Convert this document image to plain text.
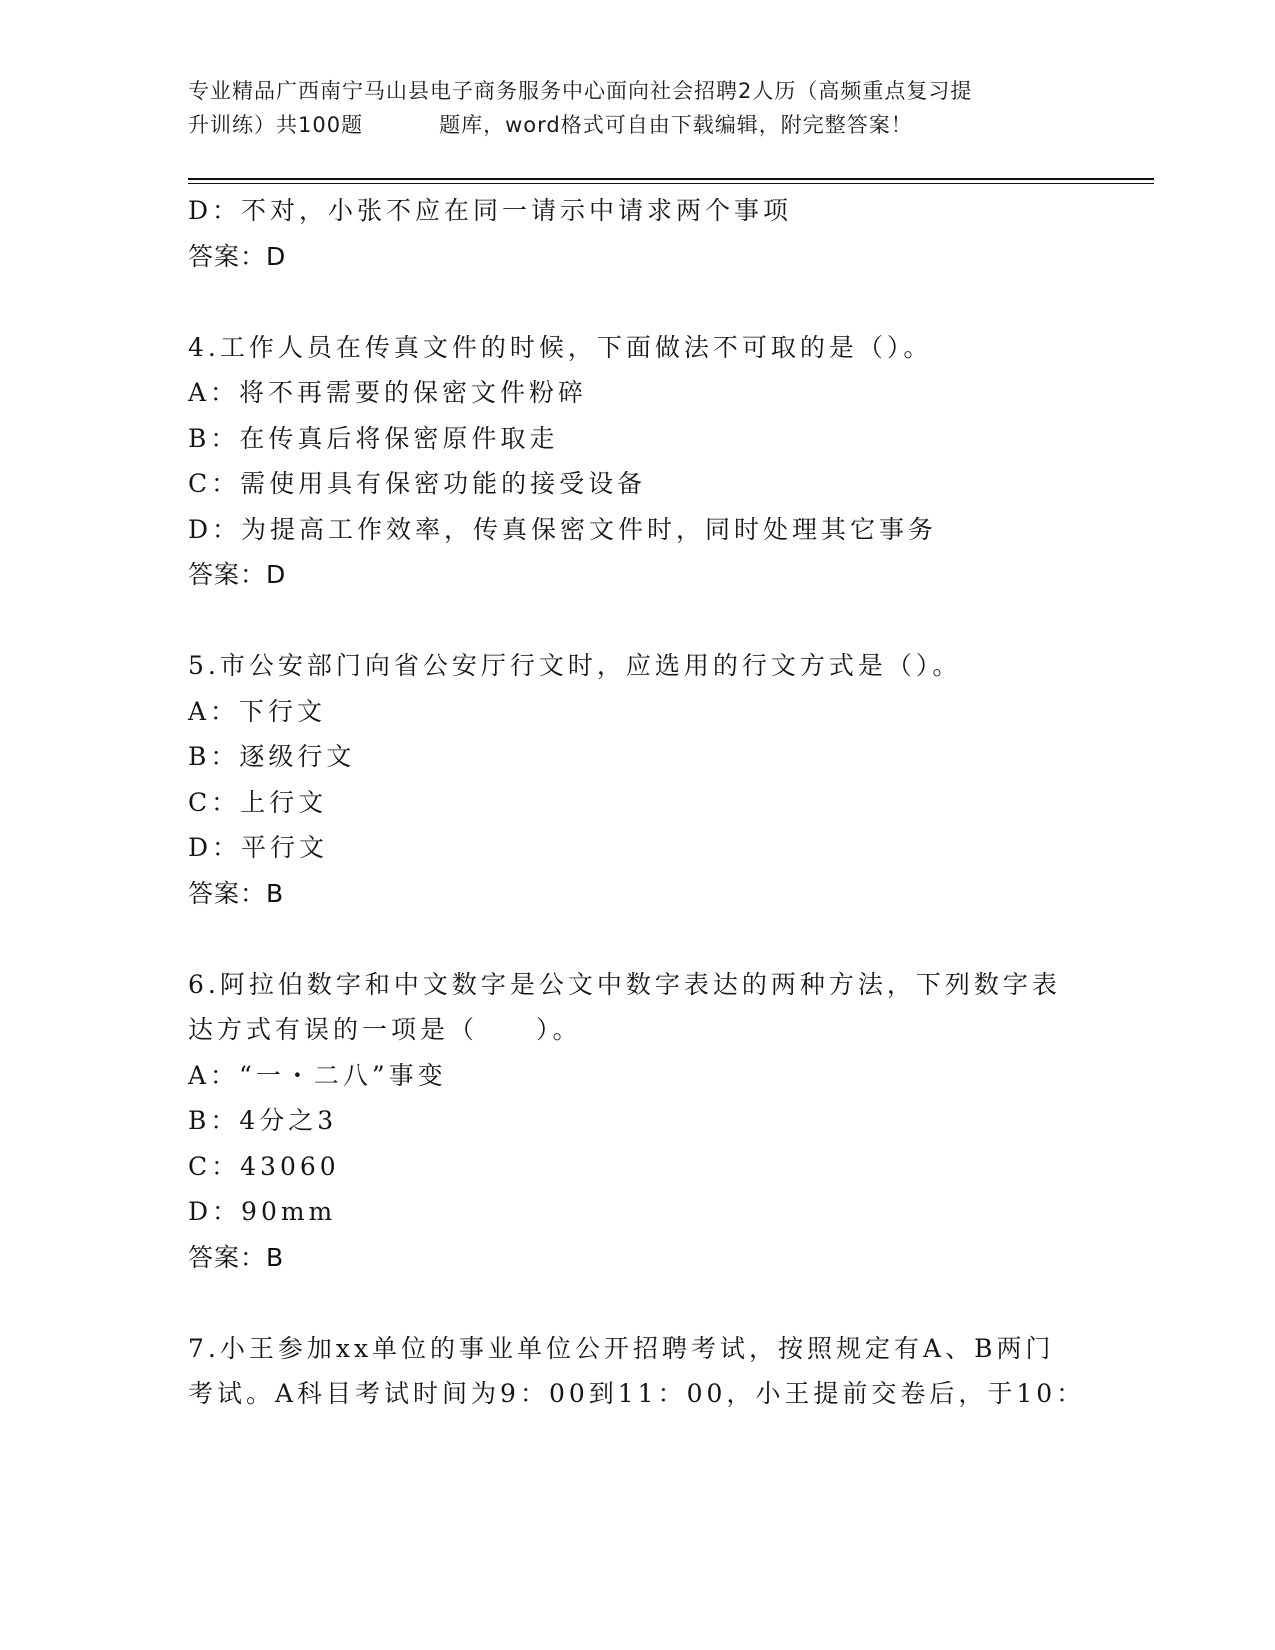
专业精品广西南宁马山县电子商务服务中心面向社会招聘2人历（高频重点复习提
升训练）共100题	题库，word格式可自由下载编辑，附完整答案！
D：不对，小张不应在同一请示中请求两个事项
答案：D
4.工作人员在传真文件的时候，下面做法不可取的是（）。
A：将不再需要的保密文件粉碎
B：在传真后将保密原件取走
C：需使用具有保密功能的接受设备
D：为提高工作效率，传真保密文件时，同时处理其它事务
答案：D
5.市公安部门向省公安厅行文时，应选用的行文方式是（）。
A：下行文
B：逐级行文
C：上行文
D：平行文
答案：B
6.阿拉伯数字和中文数字是公文中数字表达的两种方法，下列数字表
达方式有误的一项是（　　）。
A：“一・二八”事变
B：4分之3
C：43060
D：90mm
答案：B
7.小王参加xx单位的事业单位公开招聘考试，按照规定有A、B两门
考试。A科目考试时间为9：00到11：00，小王提前交卷后，于10：
